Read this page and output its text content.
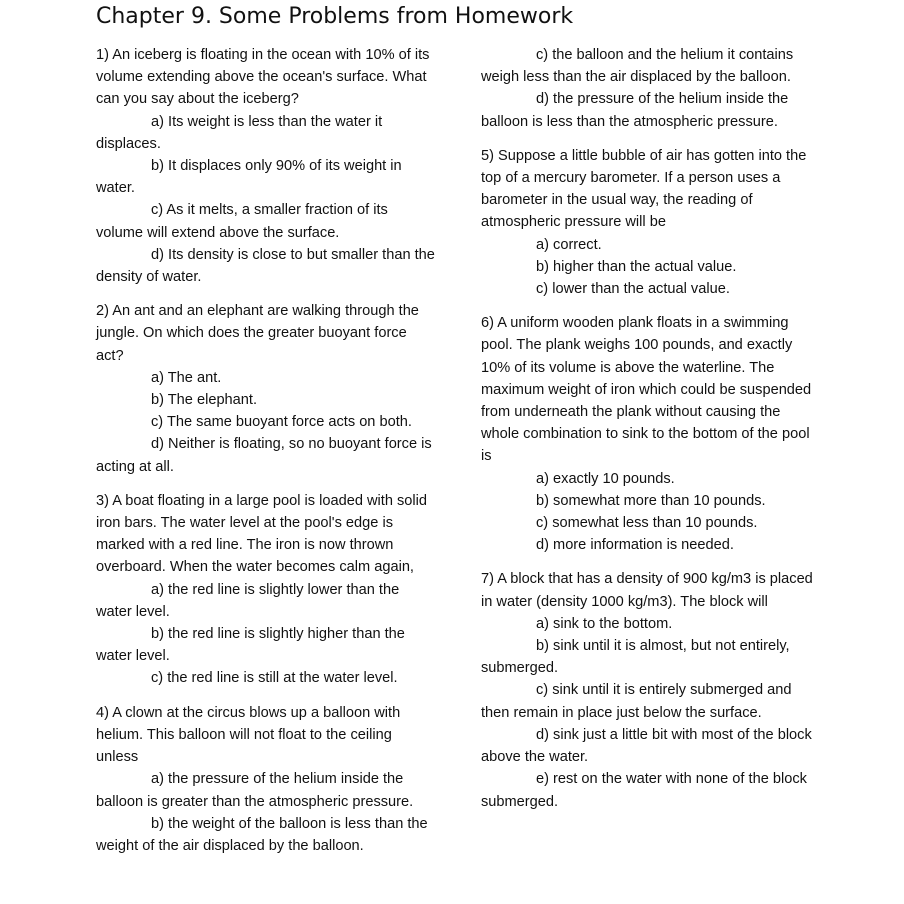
Chapter 9. Some Problems from Homework

1) An iceberg is floating in the ocean with 10% of its volume extending above the ocean's surface. What can you say about the iceberg?

a) Its weight is less than the water it displaces.

b) It displaces only 90% of its weight in water.

c) As it melts, a smaller fraction of its volume will extend above the surface.

d) Its density is close to but smaller than the density of water.

2) An ant and an elephant are walking through the jungle. On which does the greater buoyant force act?

a) The ant.

b) The elephant.

c) The same buoyant force acts on both.

d) Neither is floating, so no buoyant force is acting at all.

3) A boat floating in a large pool is loaded with solid iron bars. The water level at the pool's edge is marked with a red line. The iron is now thrown overboard. When the water becomes calm again,

a) the red line is slightly lower than the water level.

b) the red line is slightly higher than the water level.

c) the red line is still at the water level.

4) A clown at the circus blows up a balloon with helium. This balloon will not float to the ceiling unless

a) the pressure of the helium inside the balloon is greater than the atmospheric pressure.

b) the weight of the balloon is less than the weight of the air displaced by the balloon.

c) the balloon and the helium it contains weigh less than the air displaced by the balloon.

d) the pressure of the helium inside the balloon is less than the atmospheric pressure.

5) Suppose a little bubble of air has gotten into the top of a mercury barometer. If a person uses a barometer in the usual way, the reading of atmospheric pressure will be

a) correct.

b) higher than the actual value.

c) lower than the actual value.

6) A uniform wooden plank floats in a swimming pool. The plank weighs 100 pounds, and exactly 10% of its volume is above the waterline. The maximum weight of iron which could be suspended from underneath the plank without causing the whole combination to sink to the bottom of the pool is

a) exactly 10 pounds.

b) somewhat more than 10 pounds.

c) somewhat less than 10 pounds.

d) more information is needed.

7) A block that has a density of 900 kg/m3 is placed in water (density 1000 kg/m3). The block will

a) sink to the bottom.

b) sink until it is almost, but not entirely, submerged.

c) sink until it is entirely submerged and then remain in place just below the surface.

d) sink just a little bit with most of the block above the water.

e) rest on the water with none of the block submerged.
